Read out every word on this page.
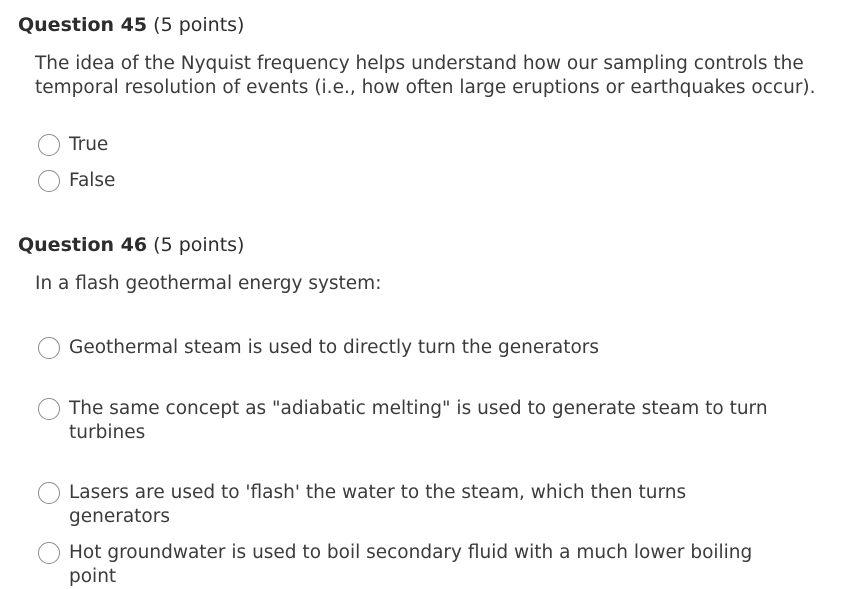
Question 45 (5 points)
The idea of the Nyquist frequency helps understand how our sampling controls the temporal resolution of events (i.e., how often large eruptions or earthquakes occur).
True
False
Question 46 (5 points)
In a flash geothermal energy system:
Geothermal steam is used to directly turn the generators
The same concept as "adiabatic melting" is used to generate steam to turn turbines
Lasers are used to 'flash' the water to the steam, which then turns generators
Hot groundwater is used to boil secondary fluid with a much lower boiling point
